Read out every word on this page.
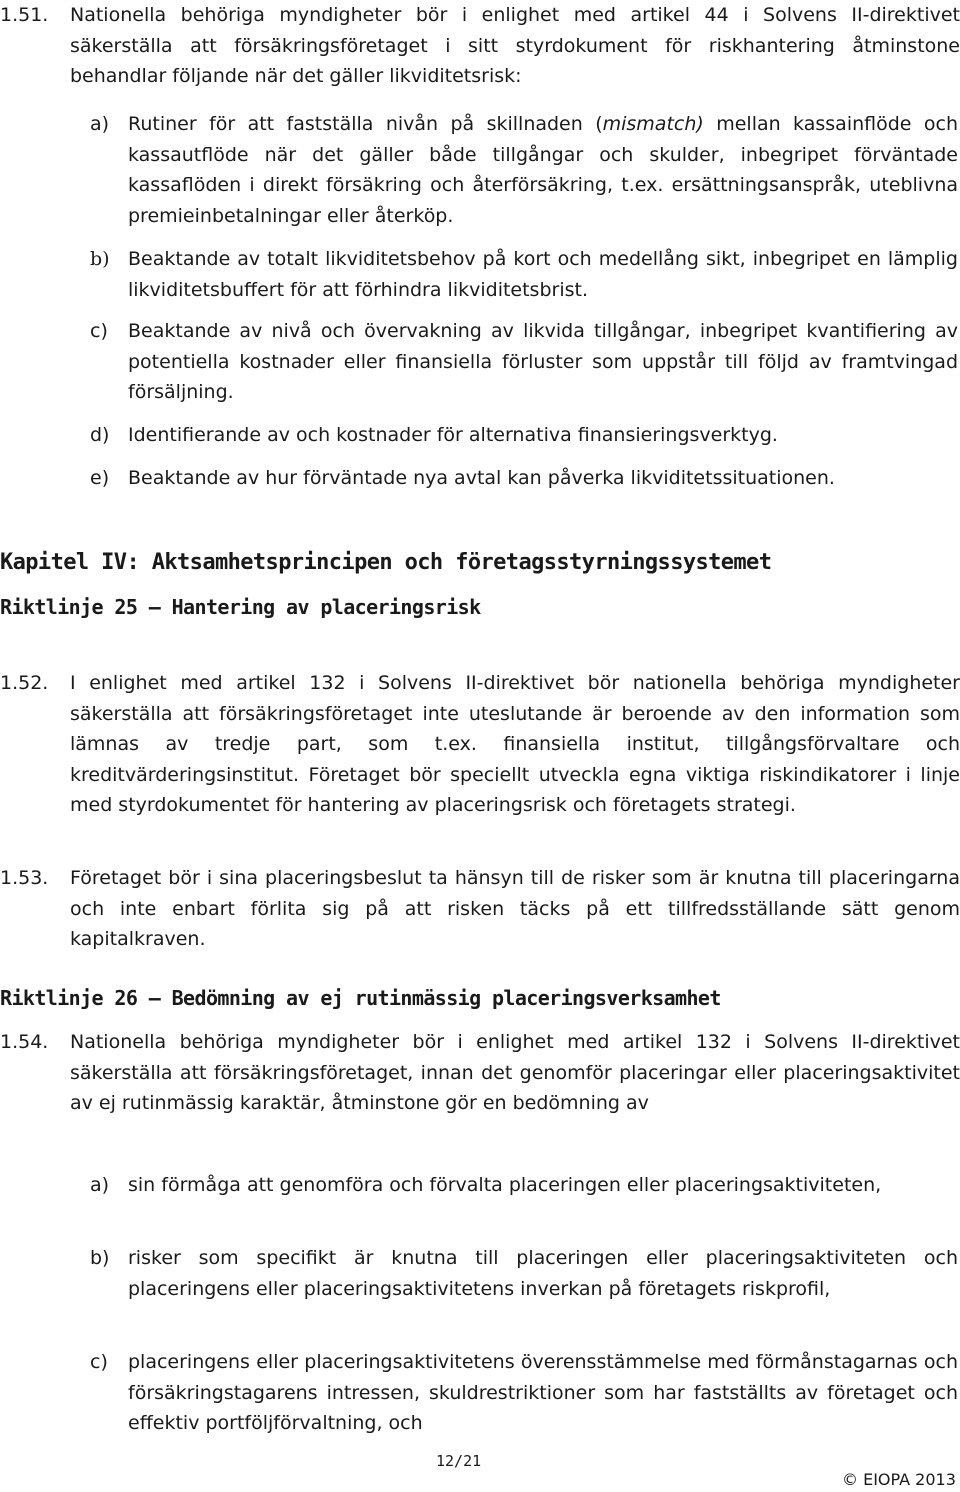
1.51. Nationella behöriga myndigheter bör i enlighet med artikel 44 i Solvens II-direktivet säkerställa att försäkringsföretaget i sitt styrdokument för riskhantering åtminstone behandlar följande när det gäller likviditetsrisk:
a) Rutiner för att fastställa nivån på skillnaden (mismatch) mellan kassainflöde och kassautflöde när det gäller både tillgångar och skulder, inbegripet förväntade kassaflöden i direkt försäkring och återförsäkring, t.ex. ersättningsanspråk, uteblivna premieinbetalningar eller återköp.
b) Beaktande av totalt likviditetsbehov på kort och medellång sikt, inbegripet en lämplig likviditetsbuffert för att förhindra likviditetsbrist.
c) Beaktande av nivå och övervakning av likvida tillgångar, inbegripet kvantifiering av potentiella kostnader eller finansiella förluster som uppstår till följd av framtvingad försäljning.
d) Identifierande av och kostnader för alternativa finansieringsverktyg.
e) Beaktande av hur förväntade nya avtal kan påverka likviditetssituationen.
Kapitel IV: Aktsamhetsprincipen och företagsstyrningssystemet
Riktlinje 25 – Hantering av placeringsrisk
1.52. I enlighet med artikel 132 i Solvens II-direktivet bör nationella behöriga myndigheter säkerställa att försäkringsföretaget inte uteslutande är beroende av den information som lämnas av tredje part, som t.ex. finansiella institut, tillgångsförvaltare och kreditvärderingsinstitut. Företaget bör speciellt utveckla egna viktiga riskindikatorer i linje med styrdokumentet för hantering av placeringsrisk och företagets strategi.
1.53. Företaget bör i sina placeringsbeslut ta hänsyn till de risker som är knutna till placeringarna och inte enbart förlita sig på att risken täcks på ett tillfredsställande sätt genom kapitalkraven.
Riktlinje 26 – Bedömning av ej rutinmässig placeringsverksamhet
1.54. Nationella behöriga myndigheter bör i enlighet med artikel 132 i Solvens II-direktivet säkerställa att försäkringsföretaget, innan det genomför placeringar eller placeringsaktivitet av ej rutinmässig karaktär, åtminstone gör en bedömning av
a) sin förmåga att genomföra och förvalta placeringen eller placeringsaktiviteten,
b) risker som specifikt är knutna till placeringen eller placeringsaktiviteten och placeringens eller placeringsaktivitetens inverkan på företagets riskprofil,
c) placeringens eller placeringsaktivitetens överensstämmelse med förmånstagarnas och försäkringstagarens intressen, skuldrestriktioner som har fastställts av företaget och effektiv portföljförvaltning, och
12/21
© EIOPA 2013
